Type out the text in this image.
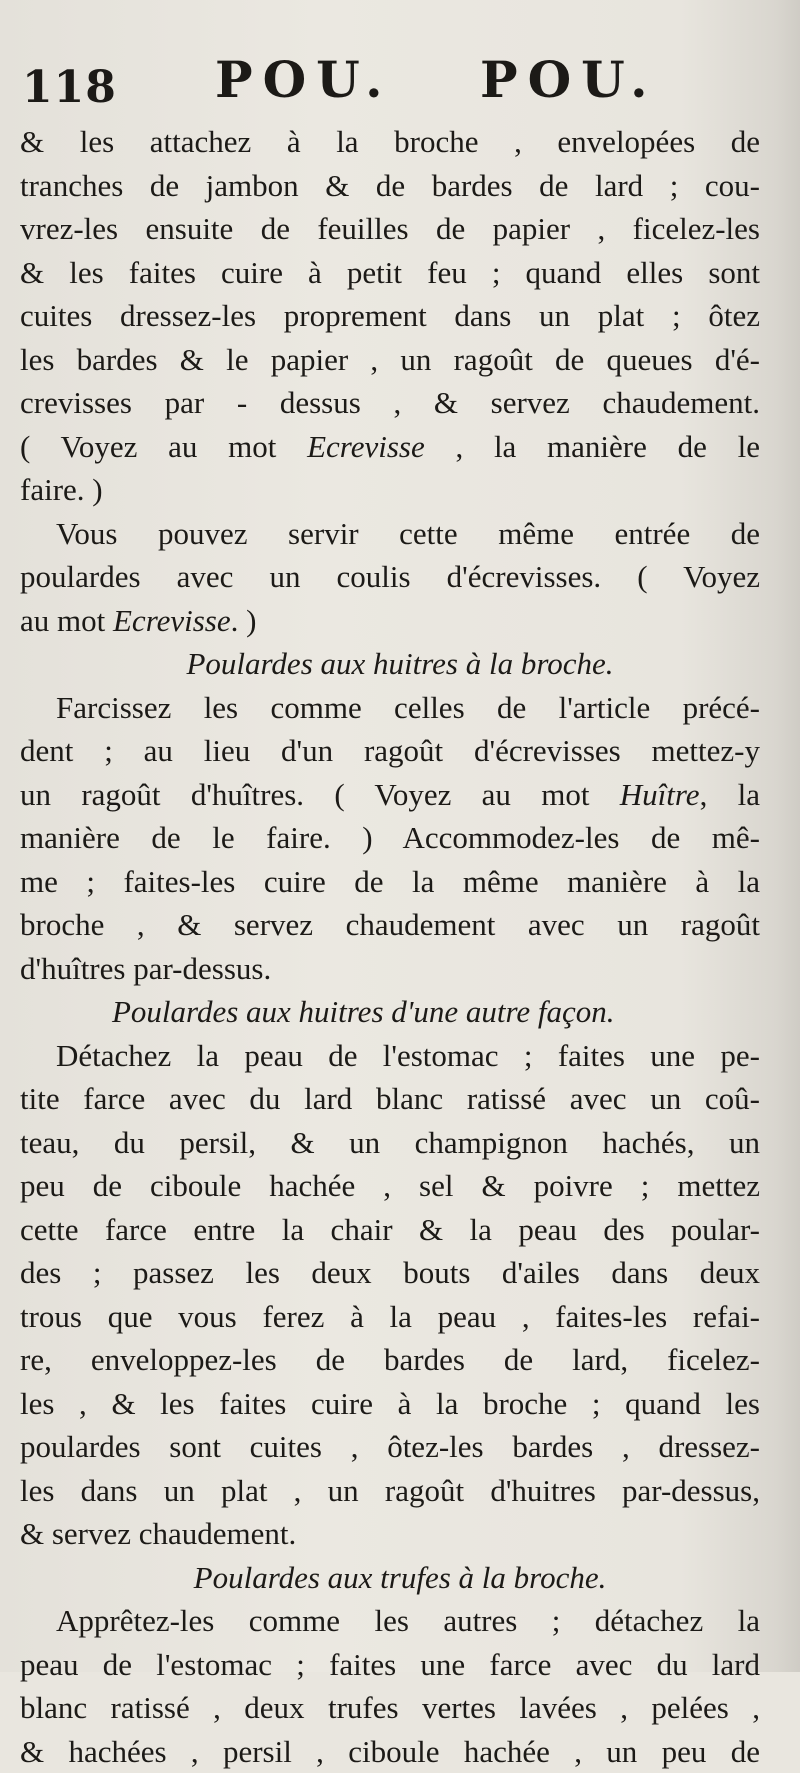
118 POU. POU.
& les attachez à la broche , envelopées de
tranches de jambon & de bardes de lard ; cou-
vrez-les ensuite de feuilles de papier , ficelez-les
& les faites cuire à petit feu ; quand elles sont
cuites dressez-les proprement dans un plat ; ôtez
les bardes & le papier , un ragoût de queues d'é-
crevisses par - dessus , & servez chaudement.
( Voyez au mot Ecrevisse , la manière de le
faire. )
Vous pouvez servir cette même entrée de
poulardes avec un coulis d'écrevisses. ( Voyez
au mot Ecrevisse. )
Poulardes aux huitres à la broche.
Farcissez les comme celles de l'article précé-
dent ; au lieu d'un ragoût d'écrevisses mettez-y
un ragoût d'huîtres. ( Voyez au mot Huître, la
manière de le faire. ) Accommodez-les de mê-
me ; faites-les cuire de la même manière à la
broche , & servez chaudement avec un ragoût
d'huîtres par-dessus.
Poulardes aux huitres d'une autre façon.
Détachez la peau de l'estomac ; faites une pe-
tite farce avec du lard blanc ratissé avec un coû-
teau, du persil, & un champignon hachés, un
peu de ciboule hachée , sel & poivre ; mettez
cette farce entre la chair & la peau des poular-
des ; passez les deux bouts d'ailes dans deux
trous que vous ferez à la peau , faites-les refai-
re, enveloppez-les de bardes de lard, ficelez-
les , & les faites cuire à la broche ; quand les
poulardes sont cuites , ôtez-les bardes , dressez-
les dans un plat , un ragoût d'huitres par-dessus,
& servez chaudement.
Poulardes aux trufes à la broche.
Apprêtez-les comme les autres ; détachez la
peau de l'estomac ; faites une farce avec du lard
blanc ratissé , deux trufes vertes lavées , pelées ,
& hachées , persil , ciboule hachée , un peu de
